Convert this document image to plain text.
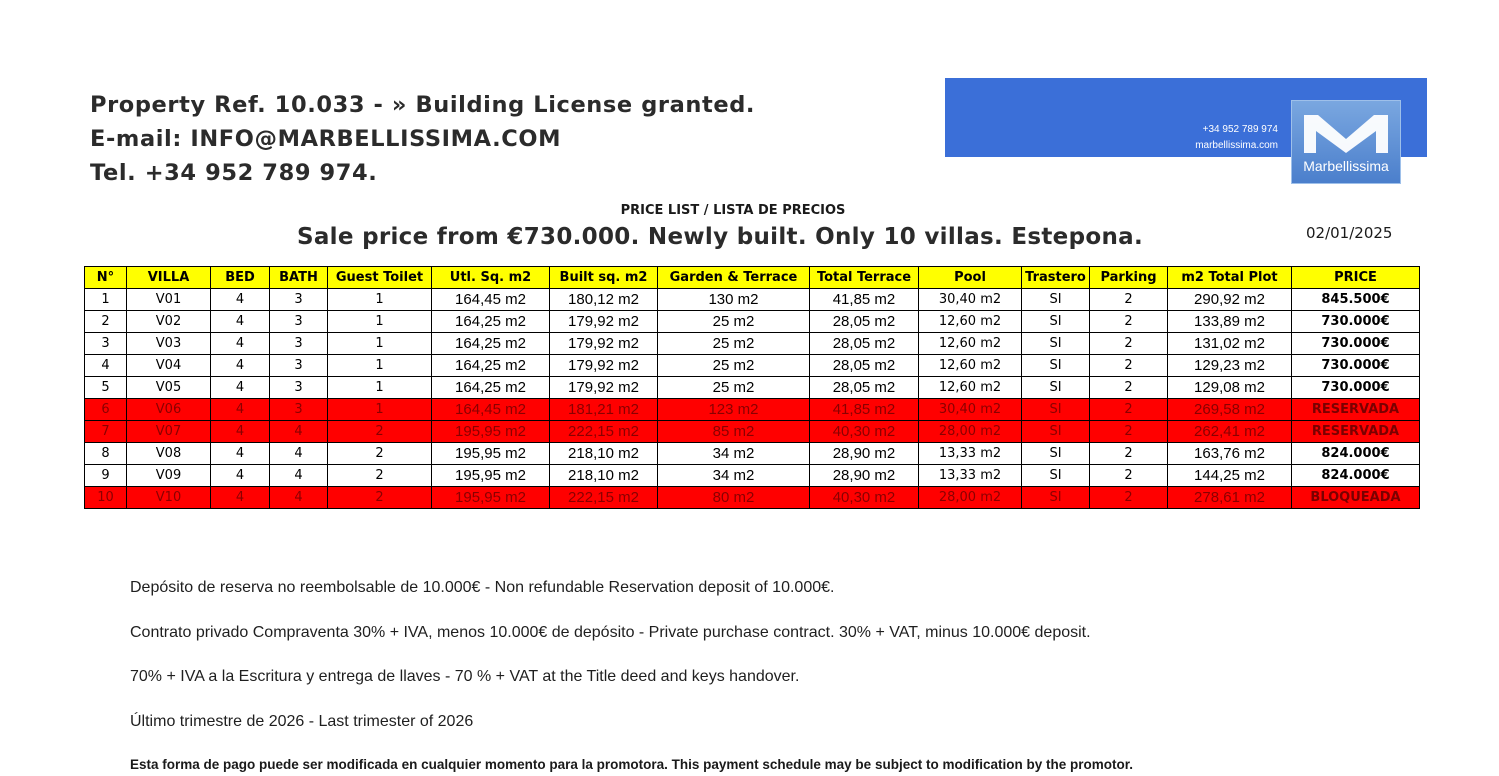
Property Ref. 10.033 - » Building License granted.
E-mail: INFO@MARBELLISSIMA.COM
Tel. +34 952 789 974.
+34 952 789 974
marbellissima.com
Marbellissima
PRICE LIST / LISTA DE PRECIOS
Sale price from €730.000. Newly built. Only 10 villas. Estepona.	02/01/2025
N°	VILLA	BED	BATH	Guest Toilet	Utl. Sq. m2	Built sq. m2	Garden & Terrace	Total Terrace	Pool	Trastero	Parking	m2 Total Plot	PRICE
1	V01	4	3	1	164,45 m2	180,12 m2	130 m2	41,85 m2	30,40 m2	SI	2	290,92 m2	845.500€
2	V02	4	3	1	164,25 m2	179,92 m2	25 m2	28,05 m2	12,60 m2	SI	2	133,89 m2	730.000€
3	V03	4	3	1	164,25 m2	179,92 m2	25 m2	28,05 m2	12,60 m2	SI	2	131,02 m2	730.000€
4	V04	4	3	1	164,25 m2	179,92 m2	25 m2	28,05 m2	12,60 m2	SI	2	129,23 m2	730.000€
5	V05	4	3	1	164,25 m2	179,92 m2	25 m2	28,05 m2	12,60 m2	SI	2	129,08 m2	730.000€
6	V06	4	3	1	164,45 m2	181,21 m2	123 m2	41,85 m2	30,40 m2	SI	2	269,58 m2	RESERVADA
7	V07	4	4	2	195,95 m2	222,15 m2	85 m2	40,30 m2	28,00 m2	SI	2	262,41 m2	RESERVADA
8	V08	4	4	2	195,95 m2	218,10 m2	34 m2	28,90 m2	13,33 m2	SI	2	163,76 m2	824.000€
9	V09	4	4	2	195,95 m2	218,10 m2	34 m2	28,90 m2	13,33 m2	SI	2	144,25 m2	824.000€
10	V10	4	4	2	195,95 m2	222,15 m2	80 m2	40,30 m2	28,00 m2	SI	2	278,61 m2	BLOQUEADA
Depósito de reserva no reembolsable de 10.000€ - Non refundable Reservation deposit of 10.000€.
Contrato privado Compraventa 30% + IVA, menos 10.000€ de depósito - Private purchase contract. 30% + VAT, minus 10.000€ deposit.
70% + IVA a la Escritura y entrega de llaves - 70 % + VAT at the Title deed and keys handover.
Último trimestre de 2026 - Last trimester of 2026
Esta forma de pago puede ser modificada en cualquier momento para la promotora. This payment schedule may be subject to modification by the promotor.
